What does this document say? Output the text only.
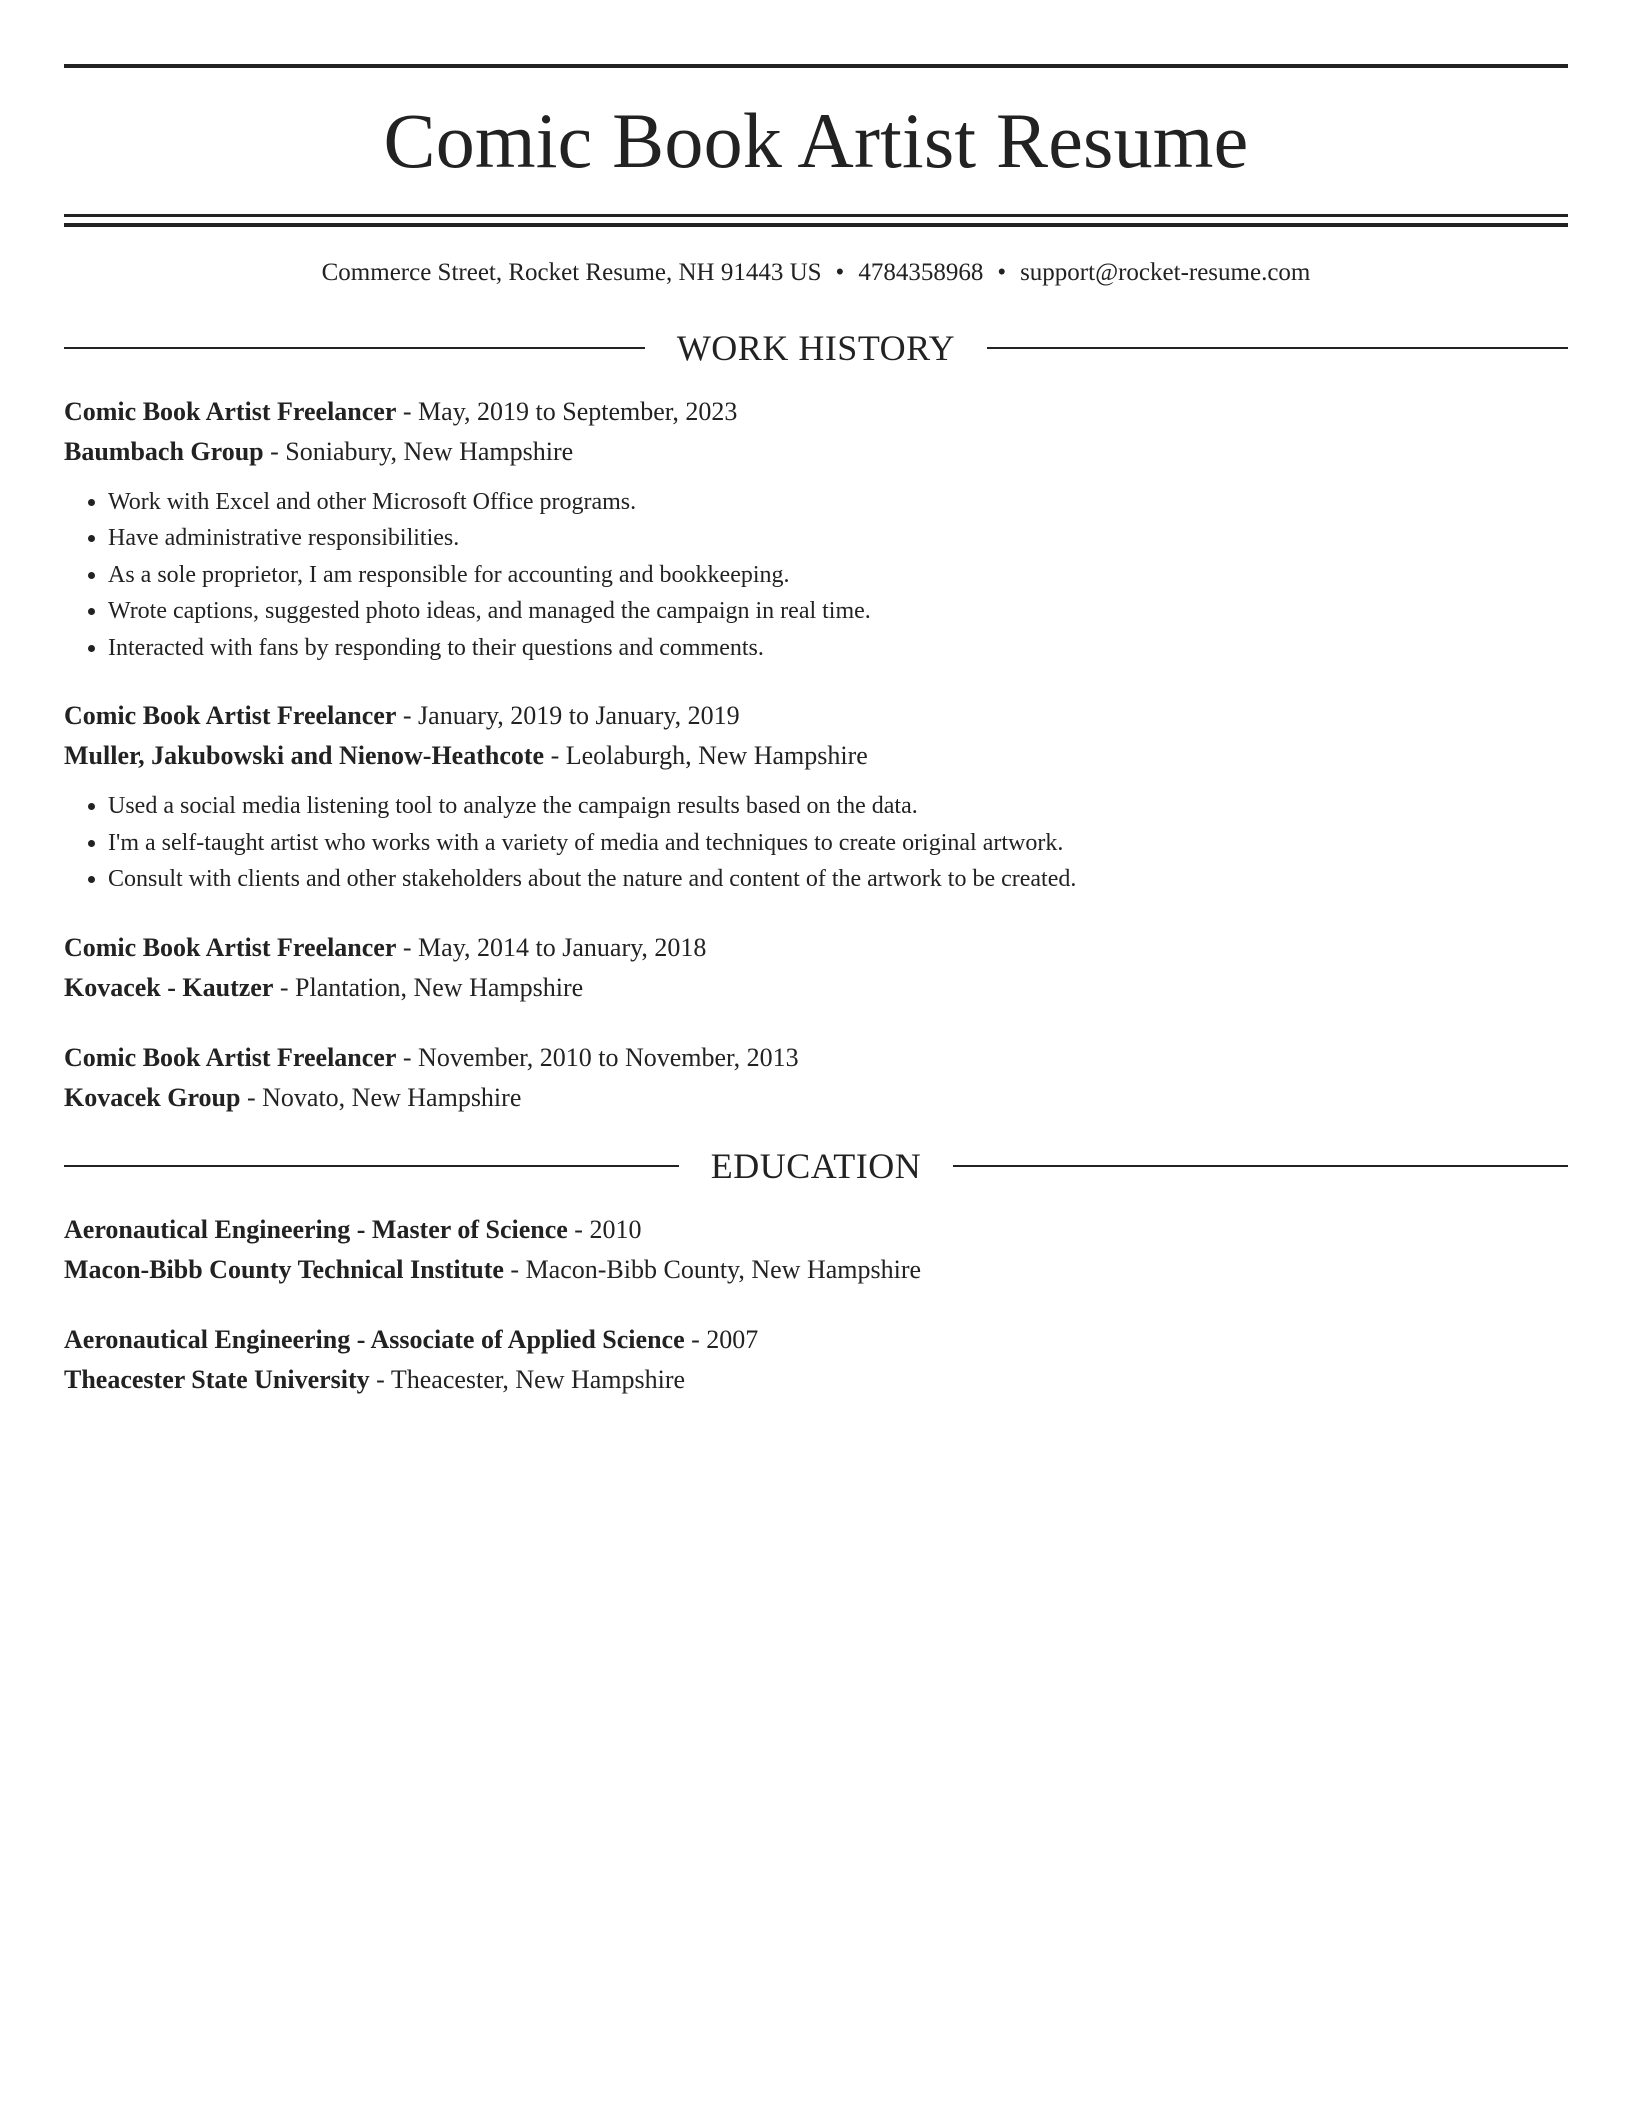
Comic Book Artist Resume
Commerce Street, Rocket Resume, NH 91443 US • 4784358968 • support@rocket-resume.com
WORK HISTORY
Comic Book Artist Freelancer - May, 2019 to September, 2023
Baumbach Group - Soniabury, New Hampshire
• Work with Excel and other Microsoft Office programs.
• Have administrative responsibilities.
• As a sole proprietor, I am responsible for accounting and bookkeeping.
• Wrote captions, suggested photo ideas, and managed the campaign in real time.
• Interacted with fans by responding to their questions and comments.
Comic Book Artist Freelancer - January, 2019 to January, 2019
Muller, Jakubowski and Nienow-Heathcote - Leolaburgh, New Hampshire
• Used a social media listening tool to analyze the campaign results based on the data.
• I'm a self-taught artist who works with a variety of media and techniques to create original artwork.
• Consult with clients and other stakeholders about the nature and content of the artwork to be created.
Comic Book Artist Freelancer - May, 2014 to January, 2018
Kovacek - Kautzer - Plantation, New Hampshire
Comic Book Artist Freelancer - November, 2010 to November, 2013
Kovacek Group - Novato, New Hampshire
EDUCATION
Aeronautical Engineering - Master of Science - 2010
Macon-Bibb County Technical Institute - Macon-Bibb County, New Hampshire
Aeronautical Engineering - Associate of Applied Science - 2007
Theacester State University - Theacester, New Hampshire
